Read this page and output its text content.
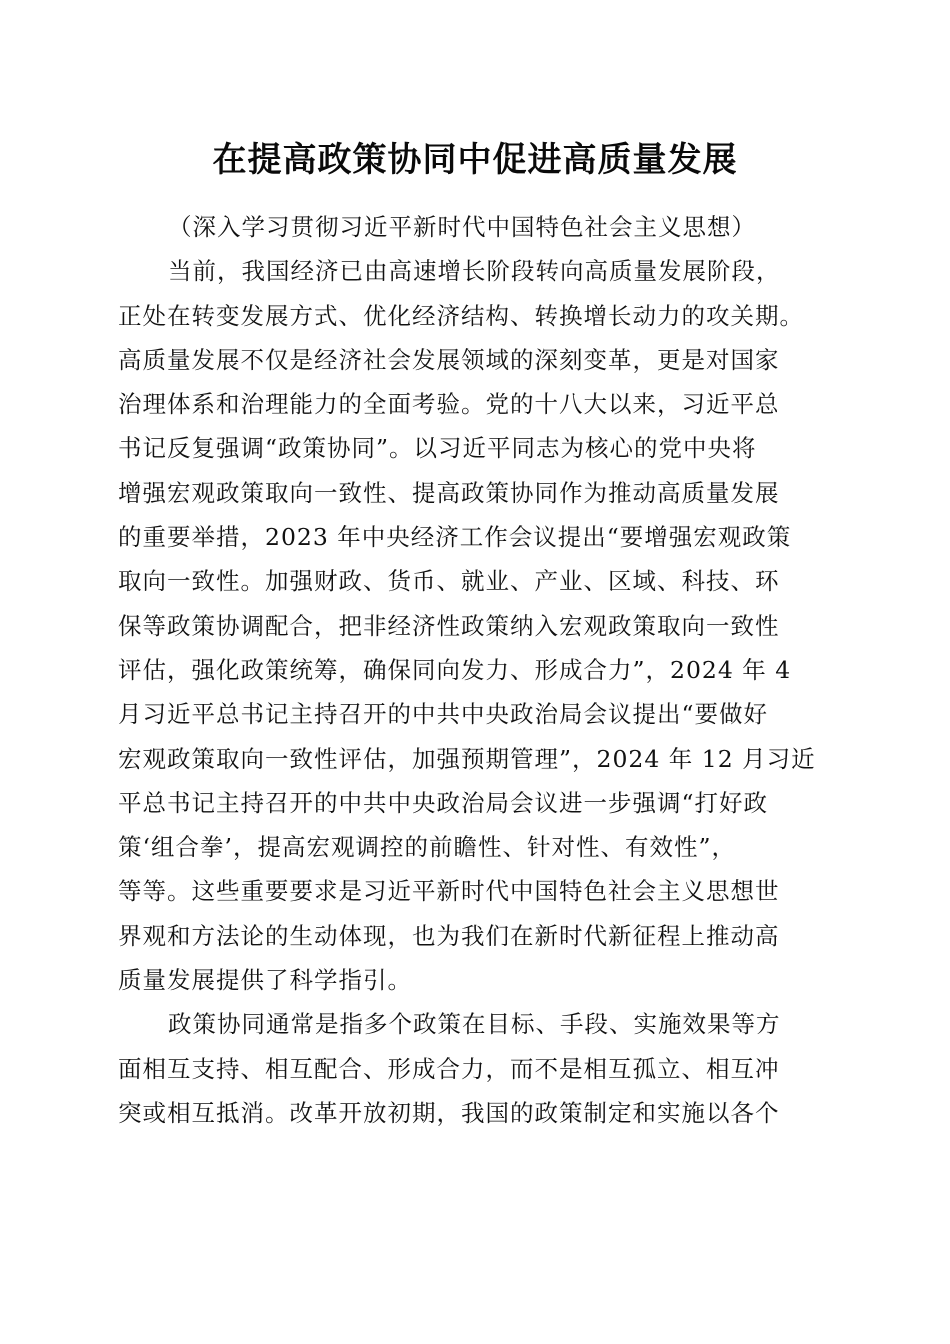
在提高政策协同中促进高质量发展
（深入学习贯彻习近平新时代中国特色社会主义思想）
当前，我国经济已由高速增长阶段转向高质量发展阶段，
正处在转变发展方式、优化经济结构、转换增长动力的攻关期。
高质量发展不仅是经济社会发展领域的深刻变革，更是对国家
治理体系和治理能力的全面考验。党的十八大以来，习近平总
书记反复强调“政策协同”。以习近平同志为核心的党中央将
增强宏观政策取向一致性、提高政策协同作为推动高质量发展
的重要举措，2023 年中央经济工作会议提出“要增强宏观政策
取向一致性。加强财政、货币、就业、产业、区域、科技、环
保等政策协调配合，把非经济性政策纳入宏观政策取向一致性
评估，强化政策统筹，确保同向发力、形成合力”，2024 年 4
月习近平总书记主持召开的中共中央政治局会议提出“要做好
宏观政策取向一致性评估，加强预期管理”，2024 年 12 月习近
平总书记主持召开的中共中央政治局会议进一步强调“打好政
策‘组合拳’，提高宏观调控的前瞻性、针对性、有效性”，
等等。这些重要要求是习近平新时代中国特色社会主义思想世
界观和方法论的生动体现，也为我们在新时代新征程上推动高
质量发展提供了科学指引。
政策协同通常是指多个政策在目标、手段、实施效果等方
面相互支持、相互配合、形成合力，而不是相互孤立、相互冲
突或相互抵消。改革开放初期，我国的政策制定和实施以各个
